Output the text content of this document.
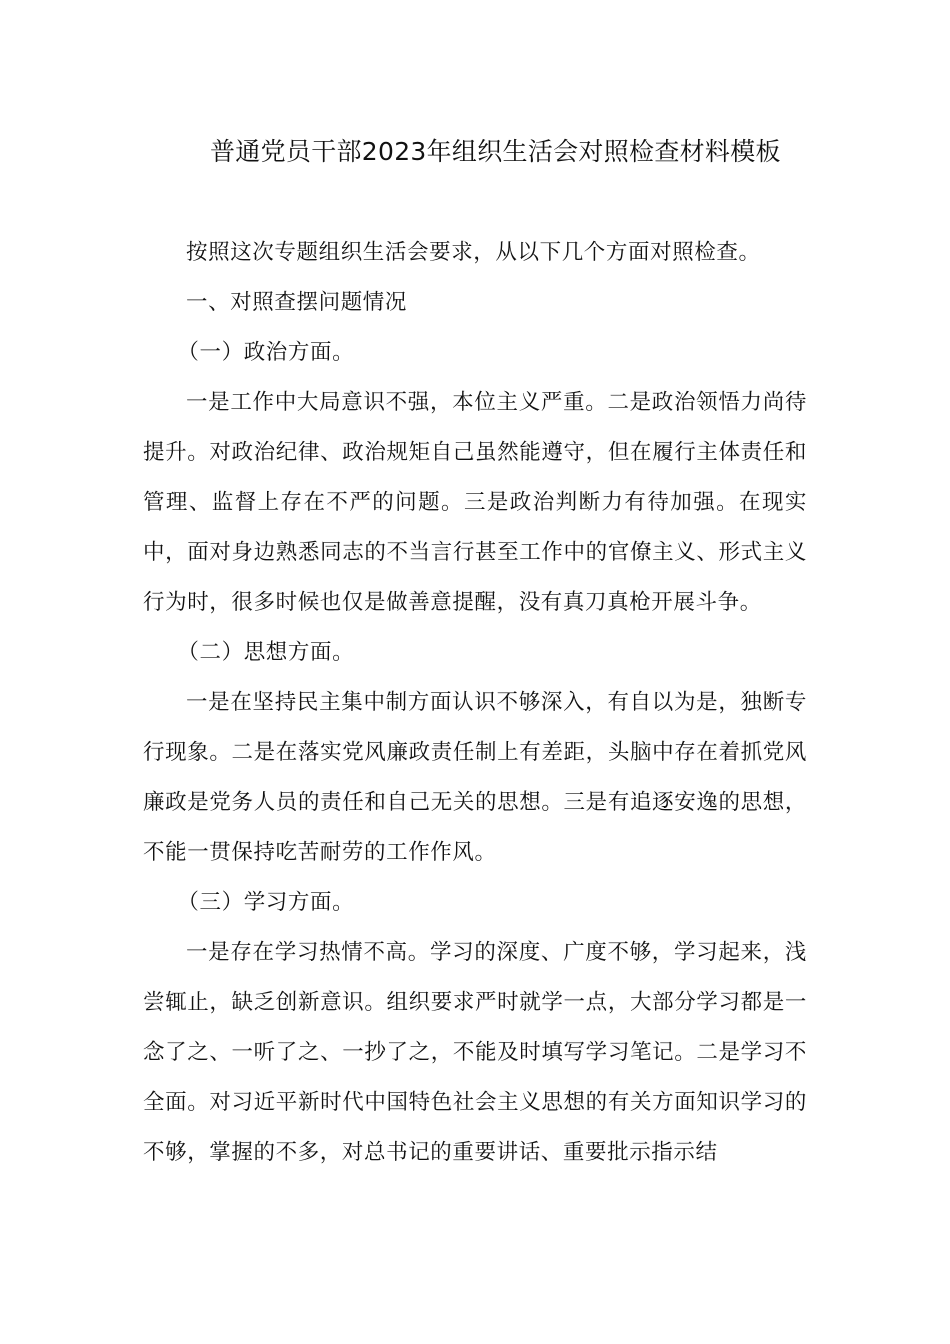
普通党员干部2023年组织生活会对照检查材料模板

按照这次专题组织生活会要求，从以下几个方面对照检查。

一、对照查摆问题情况

（一）政治方面。

一是工作中大局意识不强，本位主义严重。二是政治领悟力尚待提升。对政治纪律、政治规矩自己虽然能遵守，但在履行主体责任和管理、监督上存在不严的问题。三是政治判断力有待加强。在现实中，面对身边熟悉同志的不当言行甚至工作中的官僚主义、形式主义行为时，很多时候也仅是做善意提醒，没有真刀真枪开展斗争。

（二）思想方面。

一是在坚持民主集中制方面认识不够深入，有自以为是，独断专行现象。二是在落实党风廉政责任制上有差距，头脑中存在着抓党风廉政是党务人员的责任和自己无关的思想。三是有追逐安逸的思想，不能一贯保持吃苦耐劳的工作作风。

（三）学习方面。

一是存在学习热情不高。学习的深度、广度不够，学习起来，浅尝辄止，缺乏创新意识。组织要求严时就学一点，大部分学习都是一念了之、一听了之、一抄了之，不能及时填写学习笔记。二是学习不全面。对习近平新时代中国特色社会主义思想的有关方面知识学习的不够，掌握的不多，对总书记的重要讲话、重要批示指示结
